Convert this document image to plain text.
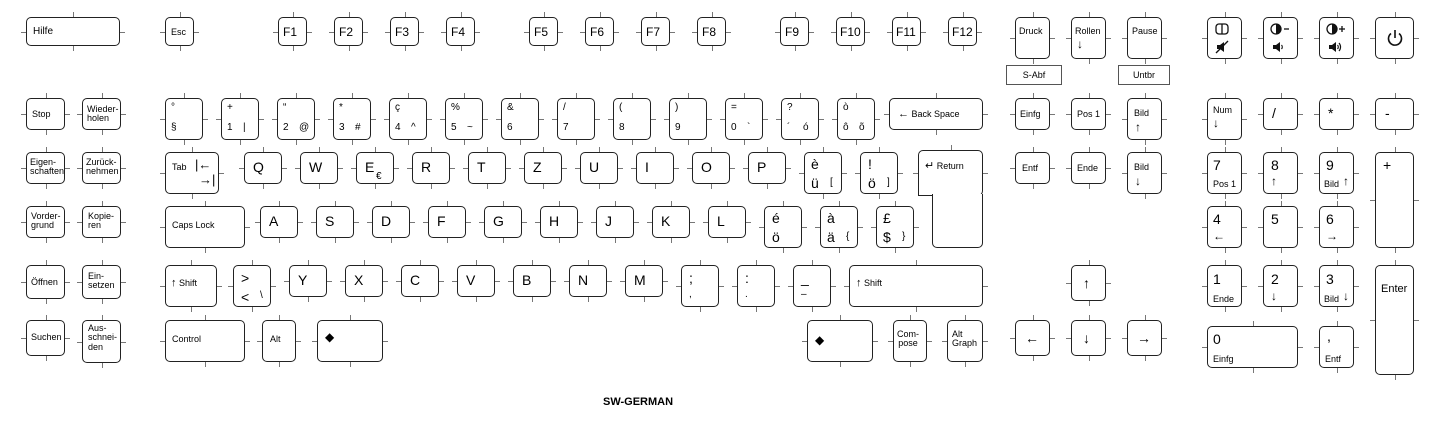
Hilfe
Stop	Wieder-
holen
Eigen-
schaften
Zurück-
nehmen
Vorder-
grund
Kopie-
ren
Öffnen
Ein-
setzen
Suchen
Aus-
schnei-
den
Esc	F1	F2	F3	F4	F5	F6	F7	F8	F9	F10	F11	F12
°
§
+
1 |
“
2 @
*
3 #
ç
4 ^
%
5 ~
&
6
/
7
(
8
)
9
=
0 `
?
´ ó
ò
ô õ
← Back Space
Tab |←
→|
Q	W	E
€
R	T	Z	U	I	O	P	è
ü [
!
ö ]
↵ Return
Caps Lock	A	S	D	F	G	H	J	K	L	é
ö
à
ä {
£
$ }
↑ Shift	>
< \
Y	X	C	V	B	N	M	;
,
:
.
_
–
↑ Shift
Control	Alt	◆	◆	Com-
pose
Alt
Graph
Druck	Rollen
↓
Pause
S-Abf	Untbr
Einfg	Pos 1	Bild
↑
Entf	Ende	Bild
↓
↑
←	↓	→
Num
↓
/	*	-
7
Pos 1
8
↑
9
Bild ↑
+
4
←
5	6
→
1
Ende
2
↓
3
Bild ↓	Enter
0
Einfg
,
Entf
SW-GERMAN
